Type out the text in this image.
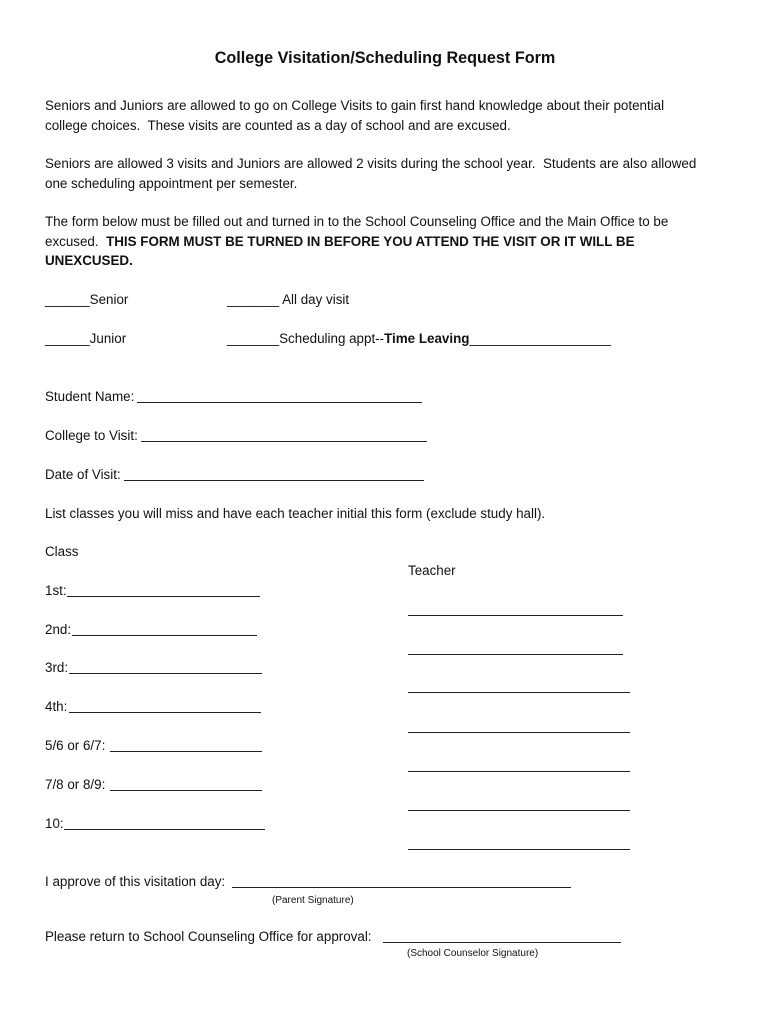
College Visitation/Scheduling Request Form
Seniors and Juniors are allowed to go on College Visits to gain first hand knowledge about their potential
college choices.  These visits are counted as a day of school and are excused.
Seniors are allowed 3 visits and Juniors are allowed 2 visits during the school year.  Students are also allowed
one scheduling appointment per semester.
The form below must be filled out and turned in to the School Counseling Office and the Main Office to be
excused. THIS FORM MUST BE TURNED IN BEFORE YOU ATTEND THE VISIT OR IT WILL BE
UNEXCUSED.
______Senior	_______ All day visit
______Junior	_______Scheduling appt--Time Leaving___________________
Student Name:
College to Visit:
Date of Visit:
List classes you will miss and have each teacher initial this form (exclude study hall).
Class
Teacher
1st:
2nd:
3rd:
4th:
5/6 or 6/7:
7/8 or 8/9:
10:
I approve of this visitation day:
(Parent Signature)
Please return to School Counseling Office for approval:
(School Counselor Signature)
